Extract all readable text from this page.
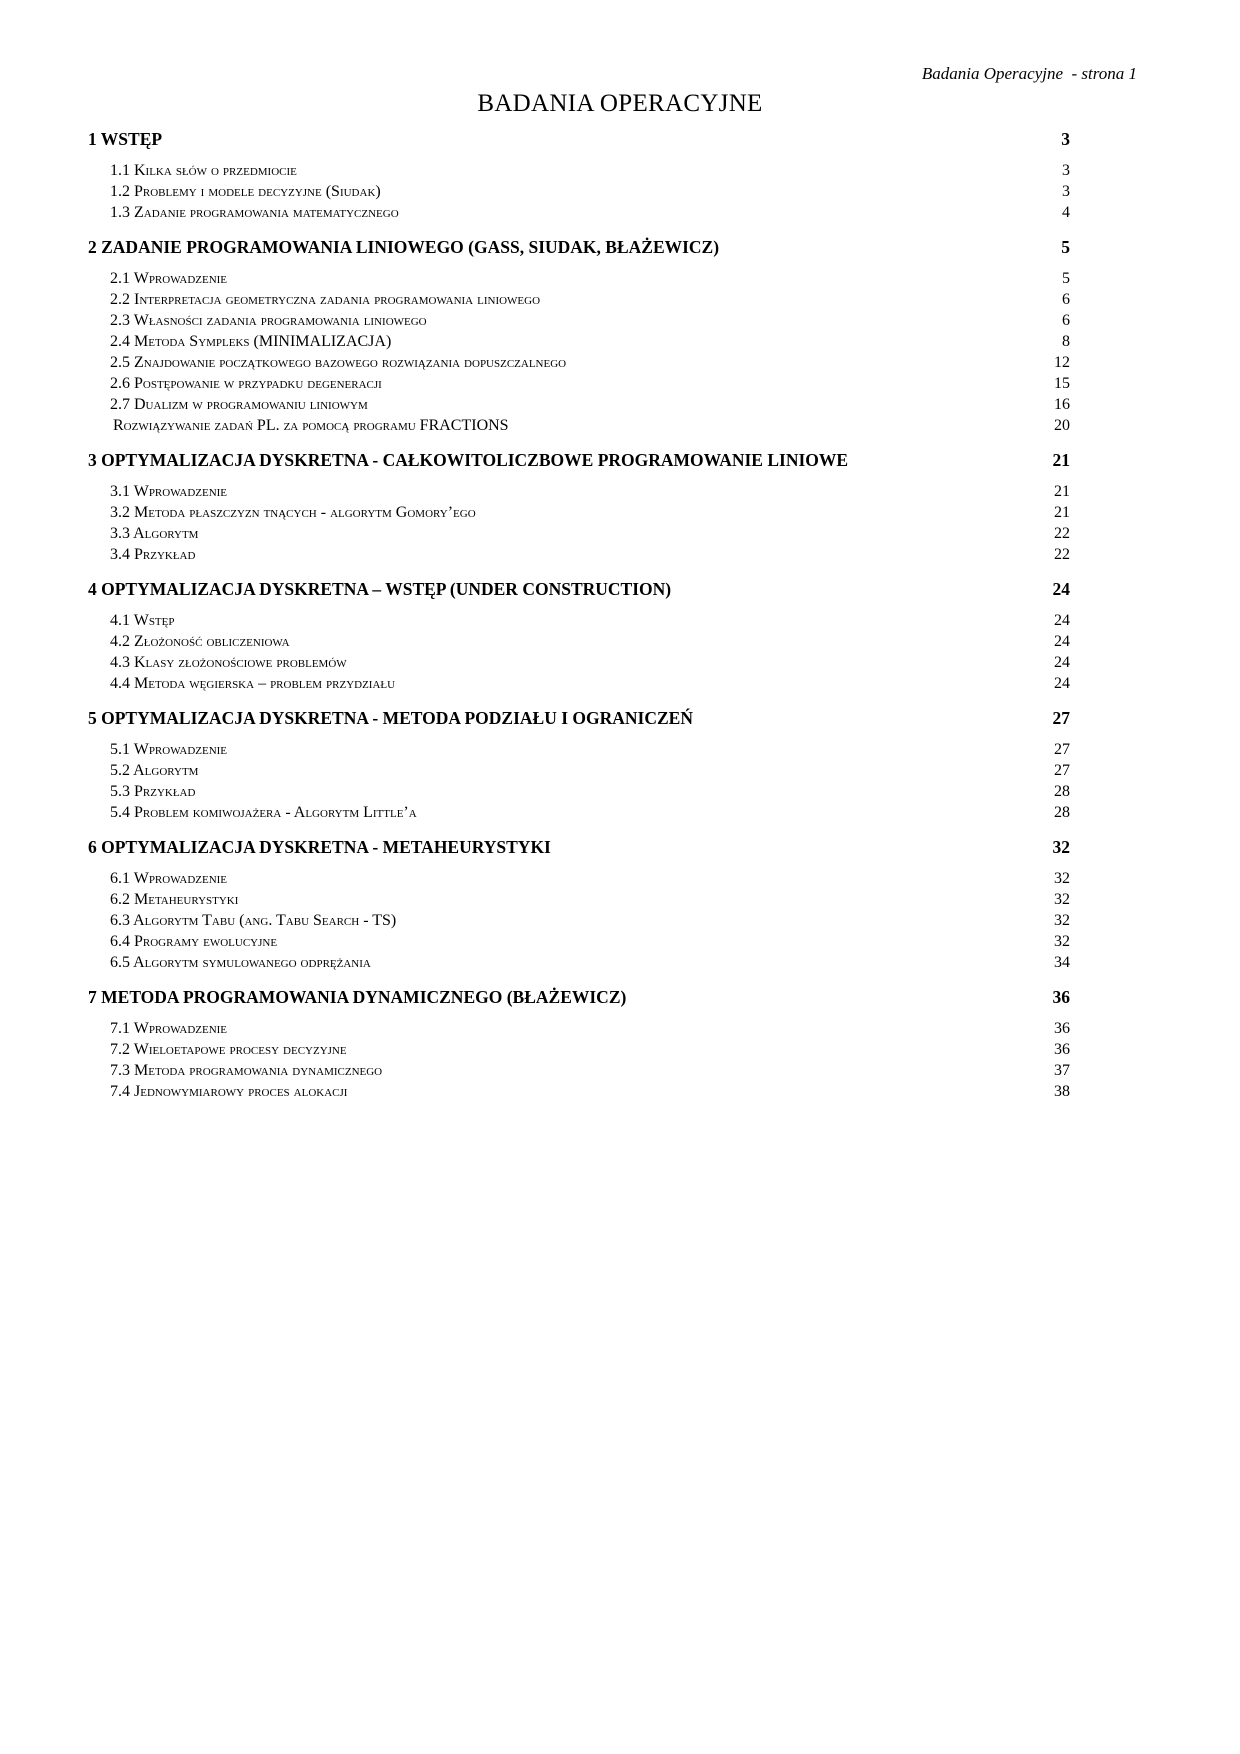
Badania Operacyjne  - strona 1
BADANIA OPERACYJNE
1 WSTĘP	3
1.1 Kilka słów o przedmiocie	3
1.2 Problemy i modele decyzyjne (Siudak)	3
1.3 Zadanie programowania matematycznego	4
2 ZADANIE PROGRAMOWANIA LINIOWEGO (GASS, SIUDAK, BŁAŻEWICZ)	5
2.1 Wprowadzenie	5
2.2 Interpretacja geometryczna zadania programowania liniowego	6
2.3 Własności zadania programowania liniowego	6
2.4 Metoda Sympleks (MINIMALIZACJA)	8
2.5 Znajdowanie początkowego bazowego rozwiązania dopuszczalnego	12
2.6 Postępowanie w przypadku degeneracji	15
2.7 Dualizm w programowaniu liniowym	16
Rozwiązywanie zadań PL. za pomocą programu FRACTIONS	20
3 OPTYMALIZACJA DYSKRETNA - CAŁKOWITOLICZBOWE PROGRAMOWANIE LINIOWE	21
3.1 Wprowadzenie	21
3.2 Metoda płaszczyzn tnących - algorytm Gomory’ego	21
3.3 Algorytm	22
3.4 Przykład	22
4 OPTYMALIZACJA DYSKRETNA – WSTĘP (UNDER CONSTRUCTION)	24
4.1 Wstęp	24
4.2 Złożoność obliczeniowa	24
4.3 Klasy złożonościowe problemów	24
4.4 Metoda węgierska – problem przydziału	24
5 OPTYMALIZACJA DYSKRETNA - METODA PODZIAŁU I OGRANICZEŃ	27
5.1 Wprowadzenie	27
5.2 Algorytm	27
5.3 Przykład	28
5.4 Problem komiwojażera - Algorytm Little’a	28
6 OPTYMALIZACJA DYSKRETNA - METAHEURYSTYKI	32
6.1 Wprowadzenie	32
6.2 Metaheurystyki	32
6.3 Algorytm Tabu (ang. Tabu Search - TS)	32
6.4 Programy ewolucyjne	32
6.5 Algorytm symulowanego odprężania	34
7 METODA PROGRAMOWANIA DYNAMICZNEGO (BŁAŻEWICZ)	36
7.1 Wprowadzenie	36
7.2 Wieloetapowe procesy decyzyjne	36
7.3 Metoda programowania dynamicznego	37
7.4 Jednowymiarowy proces alokacji	38
